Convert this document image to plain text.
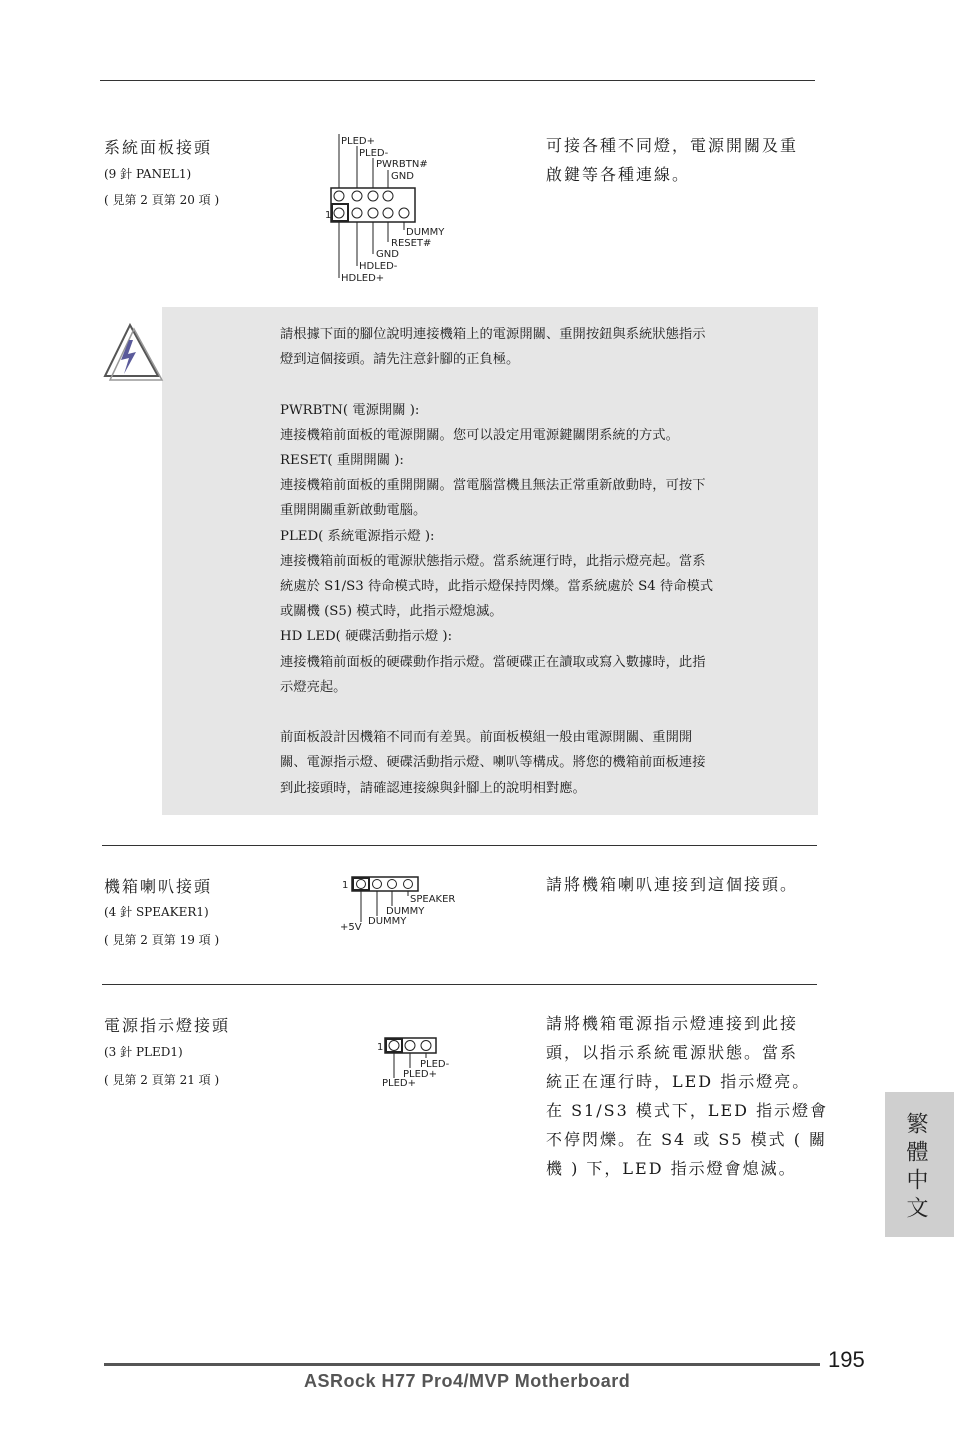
系統面板接頭
(9 針 PANEL1)
( 見第 2 頁第 20 項 )
可接各種不同燈，電源開關及重
啟鍵等各種連線。
PLED+
PLED-
PWRBTN#
GND
DUMMY
RESET#
GND
HDLED-
HDLED+
1

請根據下面的腳位說明連接機箱上的電源開關、重開按鈕與系統狀態指示

燈到這個接頭。請先注意針腳的正負極。

PWRBTN( 電源開關 ):

連接機箱前面板的電源開關。您可以設定用電源鍵關閉系統的方式。

RESET( 重開開關 ):

連接機箱前面板的重開開關。當電腦當機且無法正常重新啟動時，可按下

重開開關重新啟動電腦。

PLED( 系統電源指示燈 ):

連接機箱前面板的電源狀態指示燈。當系統運行時，此指示燈亮起。當系

統處於 S1/S3 待命模式時，此指示燈保持閃爍。當系統處於 S4 待命模式

或關機 (S5) 模式時，此指示燈熄滅。

HD LED( 硬碟活動指示燈 ):

連接機箱前面板的硬碟動作指示燈。當硬碟正在讀取或寫入數據時，此指

示燈亮起。

前面板設計因機箱不同而有差異。前面板模組一般由電源開關、重開開

關、電源指示燈、硬碟活動指示燈、喇叭等構成。將您的機箱前面板連接

到此接頭時，請確認連接線與針腳上的說明相對應。

機箱喇叭接頭
(4 針 SPEAKER1)
( 見第 2 頁第 19 項 )
請將機箱喇叭連接到這個接頭。
1
SPEAKER
DUMMY
DUMMY
+5V
電源指示燈接頭
(3 針 PLED1)
( 見第 2 頁第 21 項 )
請將機箱電源指示燈連接到此接
頭，以指示系統電源狀態。當系
統正在運行時，LED 指示燈亮。
在 S1/S3 模式下，LED 指示燈會
不停閃爍。在 S4 或 S5 模式 ( 關
機 ) 下，LED 指示燈會熄滅。
1
PLED-
PLED+
PLED+
繁體中文
195
ASRock H77 Pro4/MVP Motherboard
